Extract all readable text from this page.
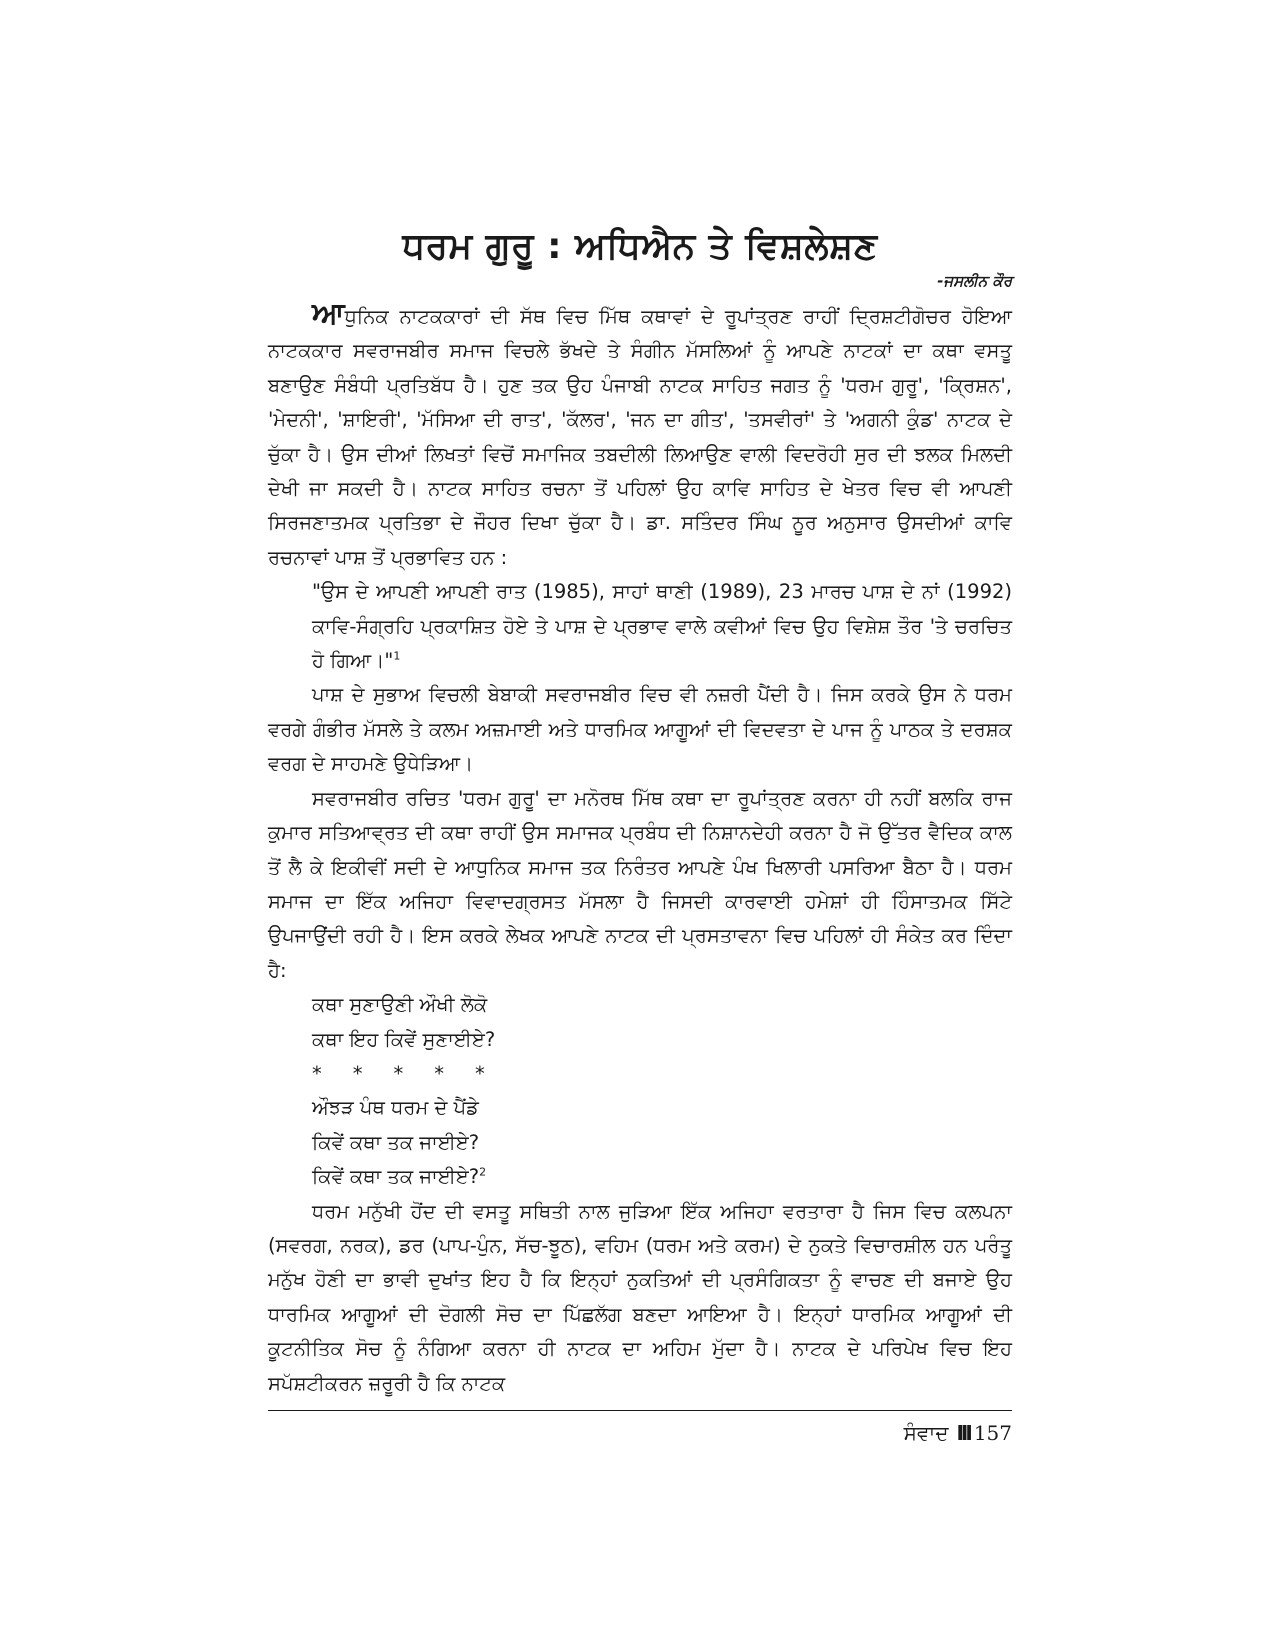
ਧਰਮ ਗੁਰੂ : ਅਧਿਐਨ ਤੇ ਵਿਸ਼ਲੇਸ਼ਣ
-ਜਸਲੀਨ ਕੌਰ

ਆਧੁਨਿਕ ਨਾਟਕਕਾਰਾਂ ਦੀ ਸੱਥ ਵਿਚ ਮਿੱਥ ਕਥਾਵਾਂ ਦੇ ਰੂਪਾਂਤ੍ਰਣ ਰਾਹੀਂ ਦ੍ਰਿਸ਼ਟੀਗੋਚਰ ਹੋਇਆ ਨਾਟਕਕਾਰ ਸਵਰਾਜਬੀਰ ਸਮਾਜ ਵਿਚਲੇ ਭੱਖਦੇ ਤੇ ਸੰਗੀਨ ਮੱਸਲਿਆਂ ਨੂੰ ਆਪਣੇ ਨਾਟਕਾਂ ਦਾ ਕਥਾ ਵਸਤੂ ਬਣਾਉਣ ਸੰਬੰਧੀ ਪ੍ਰਤਿਬੱਧ ਹੈ। ਹੁਣ ਤਕ ਉਹ ਪੰਜਾਬੀ ਨਾਟਕ ਸਾਹਿਤ ਜਗਤ ਨੂੰ 'ਧਰਮ ਗੁਰੂ', 'ਕ੍ਰਿਸ਼ਨ', 'ਮੇਦਨੀ', 'ਸ਼ਾਇਰੀ', 'ਮੱਸਿਆ ਦੀ ਰਾਤ', 'ਕੱਲਰ', 'ਜਨ ਦਾ ਗੀਤ', 'ਤਸਵੀਰਾਂ' ਤੇ 'ਅਗਨੀ ਕੁੰਡ' ਨਾਟਕ ਦੇ ਚੁੱਕਾ ਹੈ। ਉਸ ਦੀਆਂ ਲਿਖਤਾਂ ਵਿਚੋਂ ਸਮਾਜਿਕ ਤਬਦੀਲੀ ਲਿਆਉਣ ਵਾਲੀ ਵਿਦਰੋਹੀ ਸੁਰ ਦੀ ਝਲਕ ਮਿਲਦੀ ਦੇਖੀ ਜਾ ਸਕਦੀ ਹੈ। ਨਾਟਕ ਸਾਹਿਤ ਰਚਨਾ ਤੋਂ ਪਹਿਲਾਂ ਉਹ ਕਾਵਿ ਸਾਹਿਤ ਦੇ ਖੇਤਰ ਵਿਚ ਵੀ ਆਪਣੀ ਸਿਰਜਣਾਤਮਕ ਪ੍ਰਤਿਭਾ ਦੇ ਜੌਹਰ ਦਿਖਾ ਚੁੱਕਾ ਹੈ। ਡਾ. ਸਤਿੰਦਰ ਸਿੰਘ ਨੂਰ ਅਨੁਸਾਰ ਉਸਦੀਆਂ ਕਾਵਿ ਰਚਨਾਵਾਂ ਪਾਸ਼ ਤੋਂ ਪ੍ਰਭਾਵਿਤ ਹਨ :

"ਉਸ ਦੇ ਆਪਣੀ ਆਪਣੀ ਰਾਤ (1985), ਸਾਹਾਂ ਥਾਣੀ (1989), 23 ਮਾਰਚ ਪਾਸ਼ ਦੇ ਨਾਂ (1992) ਕਾਵਿ-ਸੰਗ੍ਰਹਿ ਪ੍ਰਕਾਸ਼ਿਤ ਹੋਏ ਤੇ ਪਾਸ਼ ਦੇ ਪ੍ਰਭਾਵ ਵਾਲੇ ਕਵੀਆਂ ਵਿਚ ਉਹ ਵਿਸ਼ੇਸ਼ ਤੌਰ 'ਤੇ ਚਰਚਿਤ ਹੋ ਗਿਆ।"$^1$

ਪਾਸ਼ ਦੇ ਸੁਭਾਅ ਵਿਚਲੀ ਬੇਬਾਕੀ ਸਵਰਾਜਬੀਰ ਵਿਚ ਵੀ ਨਜ਼ਰੀ ਪੈਂਦੀ ਹੈ। ਜਿਸ ਕਰਕੇ ਉਸ ਨੇ ਧਰਮ ਵਰਗੇ ਗੰਭੀਰ ਮੱਸਲੇ ਤੇ ਕਲਮ ਅਜ਼ਮਾਈ ਅਤੇ ਧਾਰਮਿਕ ਆਗੂਆਂ ਦੀ ਵਿਦਵਤਾ ਦੇ ਪਾਜ ਨੂੰ ਪਾਠਕ ਤੇ ਦਰਸ਼ਕ ਵਰਗ ਦੇ ਸਾਹਮਣੇ ਉਧੇੜਿਆ।

ਸਵਰਾਜਬੀਰ ਰਚਿਤ 'ਧਰਮ ਗੁਰੂ' ਦਾ ਮਨੋਰਥ ਮਿੱਥ ਕਥਾ ਦਾ ਰੂਪਾਂਤ੍ਰਣ ਕਰਨਾ ਹੀ ਨਹੀਂ ਬਲਕਿ ਰਾਜ ਕੁਮਾਰ ਸਤਿਆਵ੍ਰਤ ਦੀ ਕਥਾ ਰਾਹੀਂ ਉਸ ਸਮਾਜਕ ਪ੍ਰਬੰਧ ਦੀ ਨਿਸ਼ਾਨਦੇਹੀ ਕਰਨਾ ਹੈ ਜੋ ਉੱਤਰ ਵੈਦਿਕ ਕਾਲ ਤੋਂ ਲੈ ਕੇ ਇਕੀਵੀਂ ਸਦੀ ਦੇ ਆਧੁਨਿਕ ਸਮਾਜ ਤਕ ਨਿਰੰਤਰ ਆਪਣੇ ਪੰਖ ਖਿਲਾਰੀ ਪਸਰਿਆ ਬੈਠਾ ਹੈ। ਧਰਮ ਸਮਾਜ ਦਾ ਇੱਕ ਅਜਿਹਾ ਵਿਵਾਦਗ੍ਰਸਤ ਮੱਸਲਾ ਹੈ ਜਿਸਦੀ ਕਾਰਵਾਈ ਹਮੇਸ਼ਾਂ ਹੀ ਹਿੰਸਾਤਮਕ ਸਿੱਟੇ ਉਪਜਾਉਂਦੀ ਰਹੀ ਹੈ। ਇਸ ਕਰਕੇ ਲੇਖਕ ਆਪਣੇ ਨਾਟਕ ਦੀ ਪ੍ਰਸਤਾਵਨਾ ਵਿਚ ਪਹਿਲਾਂ ਹੀ ਸੰਕੇਤ ਕਰ ਦਿੰਦਾ ਹੈ:

ਕਥਾ ਸੁਣਾਉਣੀ ਔਖੀ ਲੋਕੋ
ਕਥਾ ਇਹ ਕਿਵੇਂ ਸੁਣਾਈਏ?
*     *     *     *     *
ਔਝੜ ਪੰਥ ਧਰਮ ਦੇ ਪੈਂਡੇ
ਕਿਵੇਂ ਕਥਾ ਤਕ ਜਾਈਏ?
ਕਿਵੇਂ ਕਥਾ ਤਕ ਜਾਈਏ?$^2$

ਧਰਮ ਮਨੁੱਖੀ ਹੋਂਦ ਦੀ ਵਸਤੂ ਸਥਿਤੀ ਨਾਲ ਜੁੜਿਆ ਇੱਕ ਅਜਿਹਾ ਵਰਤਾਰਾ ਹੈ ਜਿਸ ਵਿਚ ਕਲਪਨਾ (ਸਵਰਗ, ਨਰਕ), ਡਰ (ਪਾਪ-ਪੁੰਨ, ਸੱਚ-ਝੂਠ), ਵਹਿਮ (ਧਰਮ ਅਤੇ ਕਰਮ) ਦੇ ਨੁਕਤੇ ਵਿਚਾਰਸ਼ੀਲ ਹਨ ਪਰੰਤੂ ਮਨੁੱਖ ਹੋਣੀ ਦਾ ਭਾਵੀ ਦੁਖਾਂਤ ਇਹ ਹੈ ਕਿ ਇਨ੍ਹਾਂ ਨੁਕਤਿਆਂ ਦੀ ਪ੍ਰਸੰਗਿਕਤਾ ਨੂੰ ਵਾਚਣ ਦੀ ਬਜਾਏ ਉਹ ਧਾਰਮਿਕ ਆਗੂਆਂ ਦੀ ਦੋਗਲੀ ਸੋਚ ਦਾ ਪਿੱਛਲੱਗ ਬਣਦਾ ਆਇਆ ਹੈ। ਇਨ੍ਹਾਂ ਧਾਰਮਿਕ ਆਗੂਆਂ ਦੀ ਕੂਟਨੀਤਿਕ ਸੋਚ ਨੂੰ ਨੰਗਿਆ ਕਰਨਾ ਹੀ ਨਾਟਕ ਦਾ ਅਹਿਮ ਮੁੱਦਾ ਹੈ। ਨਾਟਕ ਦੇ ਪਰਿਪੇਖ ਵਿਚ ਇਹ ਸਪੱਸ਼ਟੀਕਰਨ ਜ਼ਰੂਰੀ ਹੈ ਕਿ ਨਾਟਕ

ਸੰਵਾਦ III 157
